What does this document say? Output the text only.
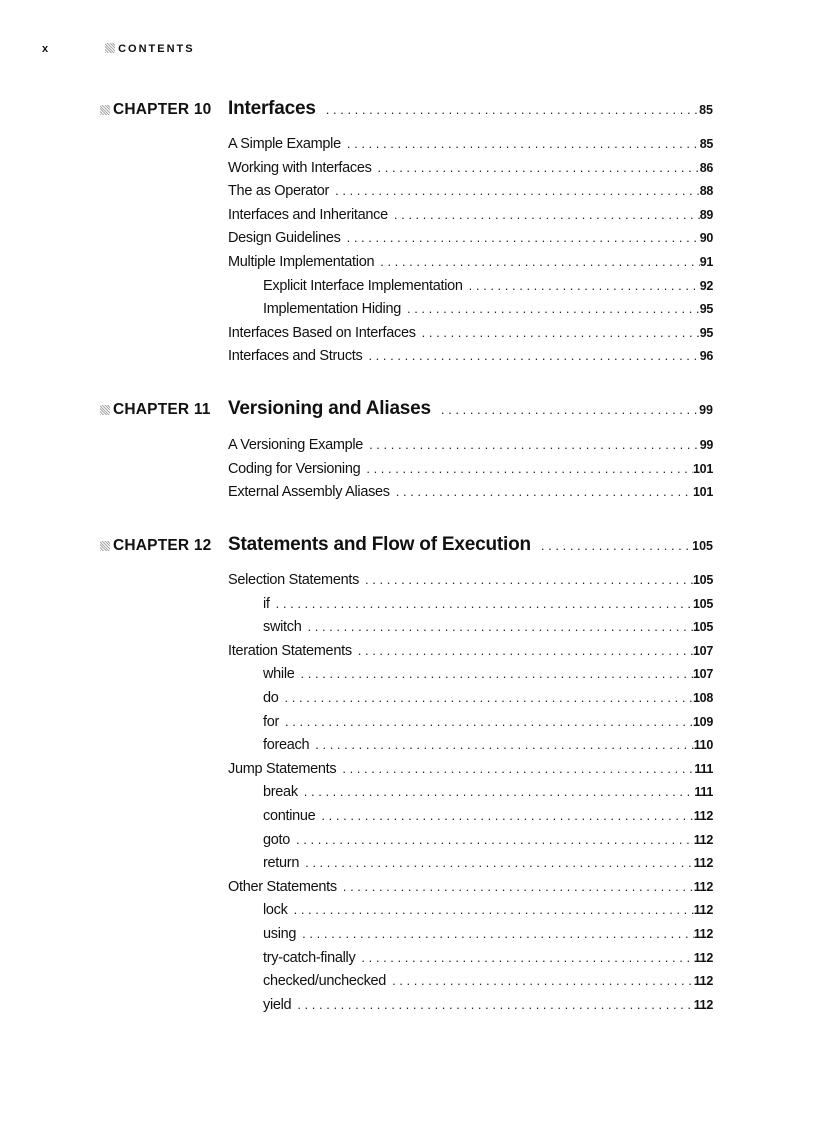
x	CONTENTS
CHAPTER 10 Interfaces . . .	85
A Simple Example . . .	85
Working with Interfaces . . .	86
The as Operator . . .	88
Interfaces and Inheritance . . .	89
Design Guidelines . . .	90
Multiple Implementation . . .	91
Explicit Interface Implementation . . .	92
Implementation Hiding . . .	95
Interfaces Based on Interfaces . . .	95
Interfaces and Structs . . .	96
CHAPTER 11 Versioning and Aliases . . .	99
A Versioning Example . . .	99
Coding for Versioning . . .	101
External Assembly Aliases . . .	101
CHAPTER 12 Statements and Flow of Execution . . .	105
Selection Statements . . .	105
if . . .	105
switch . . .	105
Iteration Statements . . .	107
while . . .	107
do . . .	108
for . . .	109
foreach . . .	110
Jump Statements . . .	111
break . . .	111
continue . . .	112
goto . . .	112
return . . .	112
Other Statements . . .	112
lock . . .	112
using . . .	112
try-catch-finally . . .	112
checked/unchecked . . .	112
yield . . .	112
